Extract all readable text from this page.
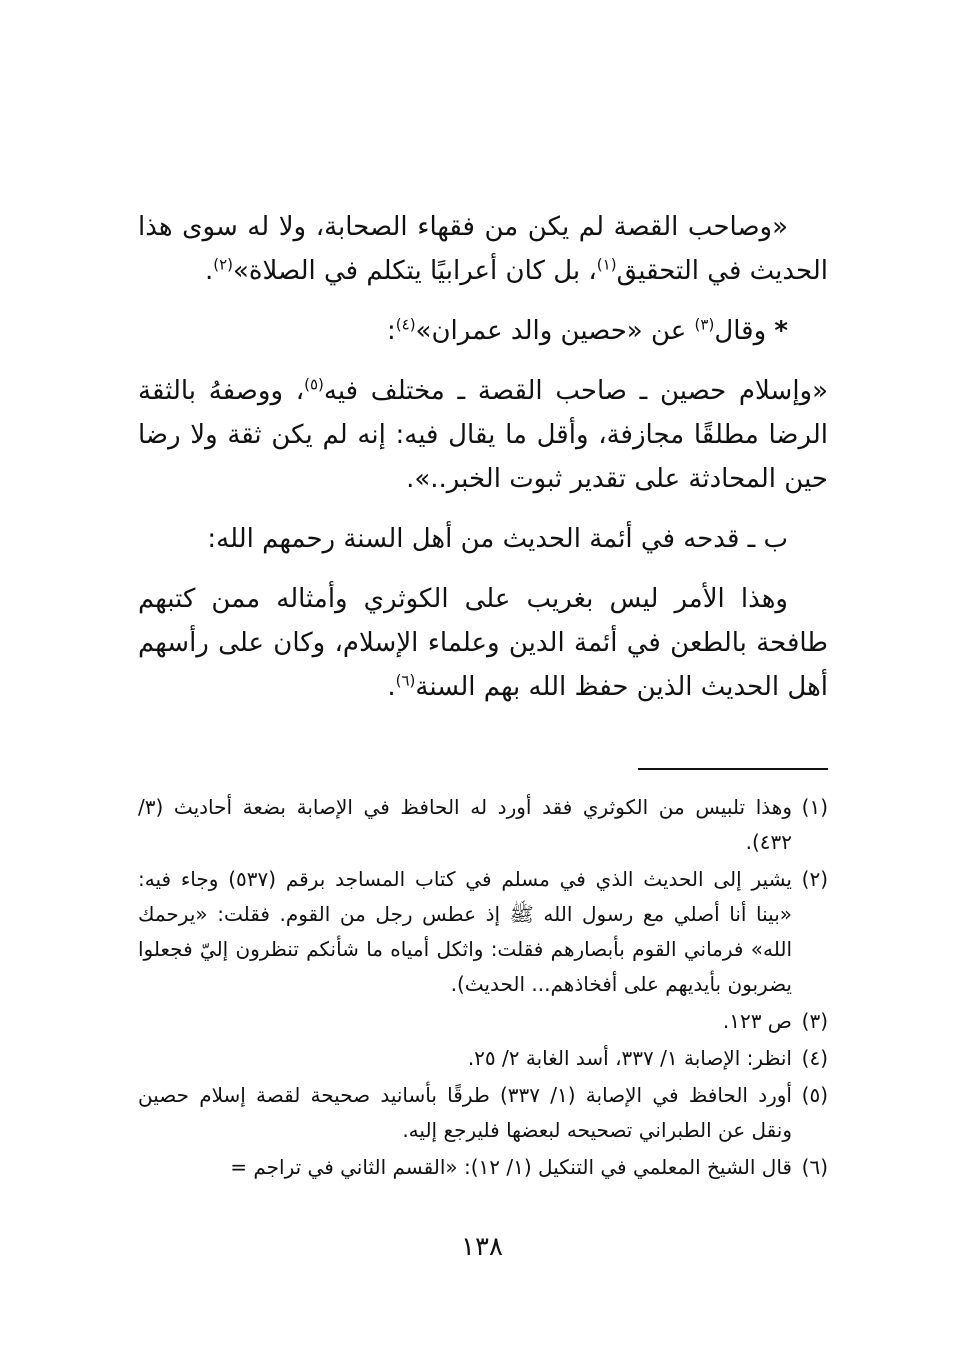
«وصاحب القصة لم يكن من فقهاء الصحابة، ولا له سوى هذا الحديث في التحقيق$^{(١)}$، بل كان أعرابيًا يتكلم في الصلاة»$^{(٢)}$.

* وقال$^{(٣)}$ عن «حصين والد عمران»$^{(٤)}$:

«وإسلام حصين ـ صاحب القصة ـ مختلف فيه$^{(٥)}$، ووصفهُ بالثقة الرضا مطلقًا مجازفة، وأقل ما يقال فيه: إنه لم يكن ثقة ولا رضا حين المحادثة على تقدير ثبوت الخبر..».

ب ـ قدحه في أئمة الحديث من أهل السنة رحمهم الله:

وهذا الأمر ليس بغريب على الكوثري وأمثاله ممن كتبهم طافحة بالطعن في أئمة الدين وعلماء الإسلام، وكان على رأسهم أهل الحديث الذين حفظ الله بهم السنة$^{(٦)}$.

(١)
وهذا تلبيس من الكوثري فقد أورد له الحافظ في الإصابة بضعة أحاديث (٣/ ٤٣٢).
(٢)
يشير إلى الحديث الذي في مسلم في كتاب المساجد برقم (٥٣٧) وجاء فيه: «بينا أنا أصلي مع رسول الله ﷺ إذ عطس رجل من القوم. فقلت: «يرحمك الله» فرماني القوم بأبصارهم فقلت: واثكل أمياه ما شأنكم تنظرون إليّ فجعلوا يضربون بأيديهم على أفخاذهم... الحديث).
(٣)
ص ١٢٣.
(٤)
انظر: الإصابة ١/ ٣٣٧، أسد الغابة ٢/ ٢٥.
(٥)
أورد الحافظ في الإصابة (١/ ٣٣٧) طرقًا بأسانيد صحيحة لقصة إسلام حصين ونقل عن الطبراني تصحيحه لبعضها فليرجع إليه.
(٦)
قال الشيخ المعلمي في التنكيل (١/ ١٢): «القسم الثاني في تراجم =
١٣٨
